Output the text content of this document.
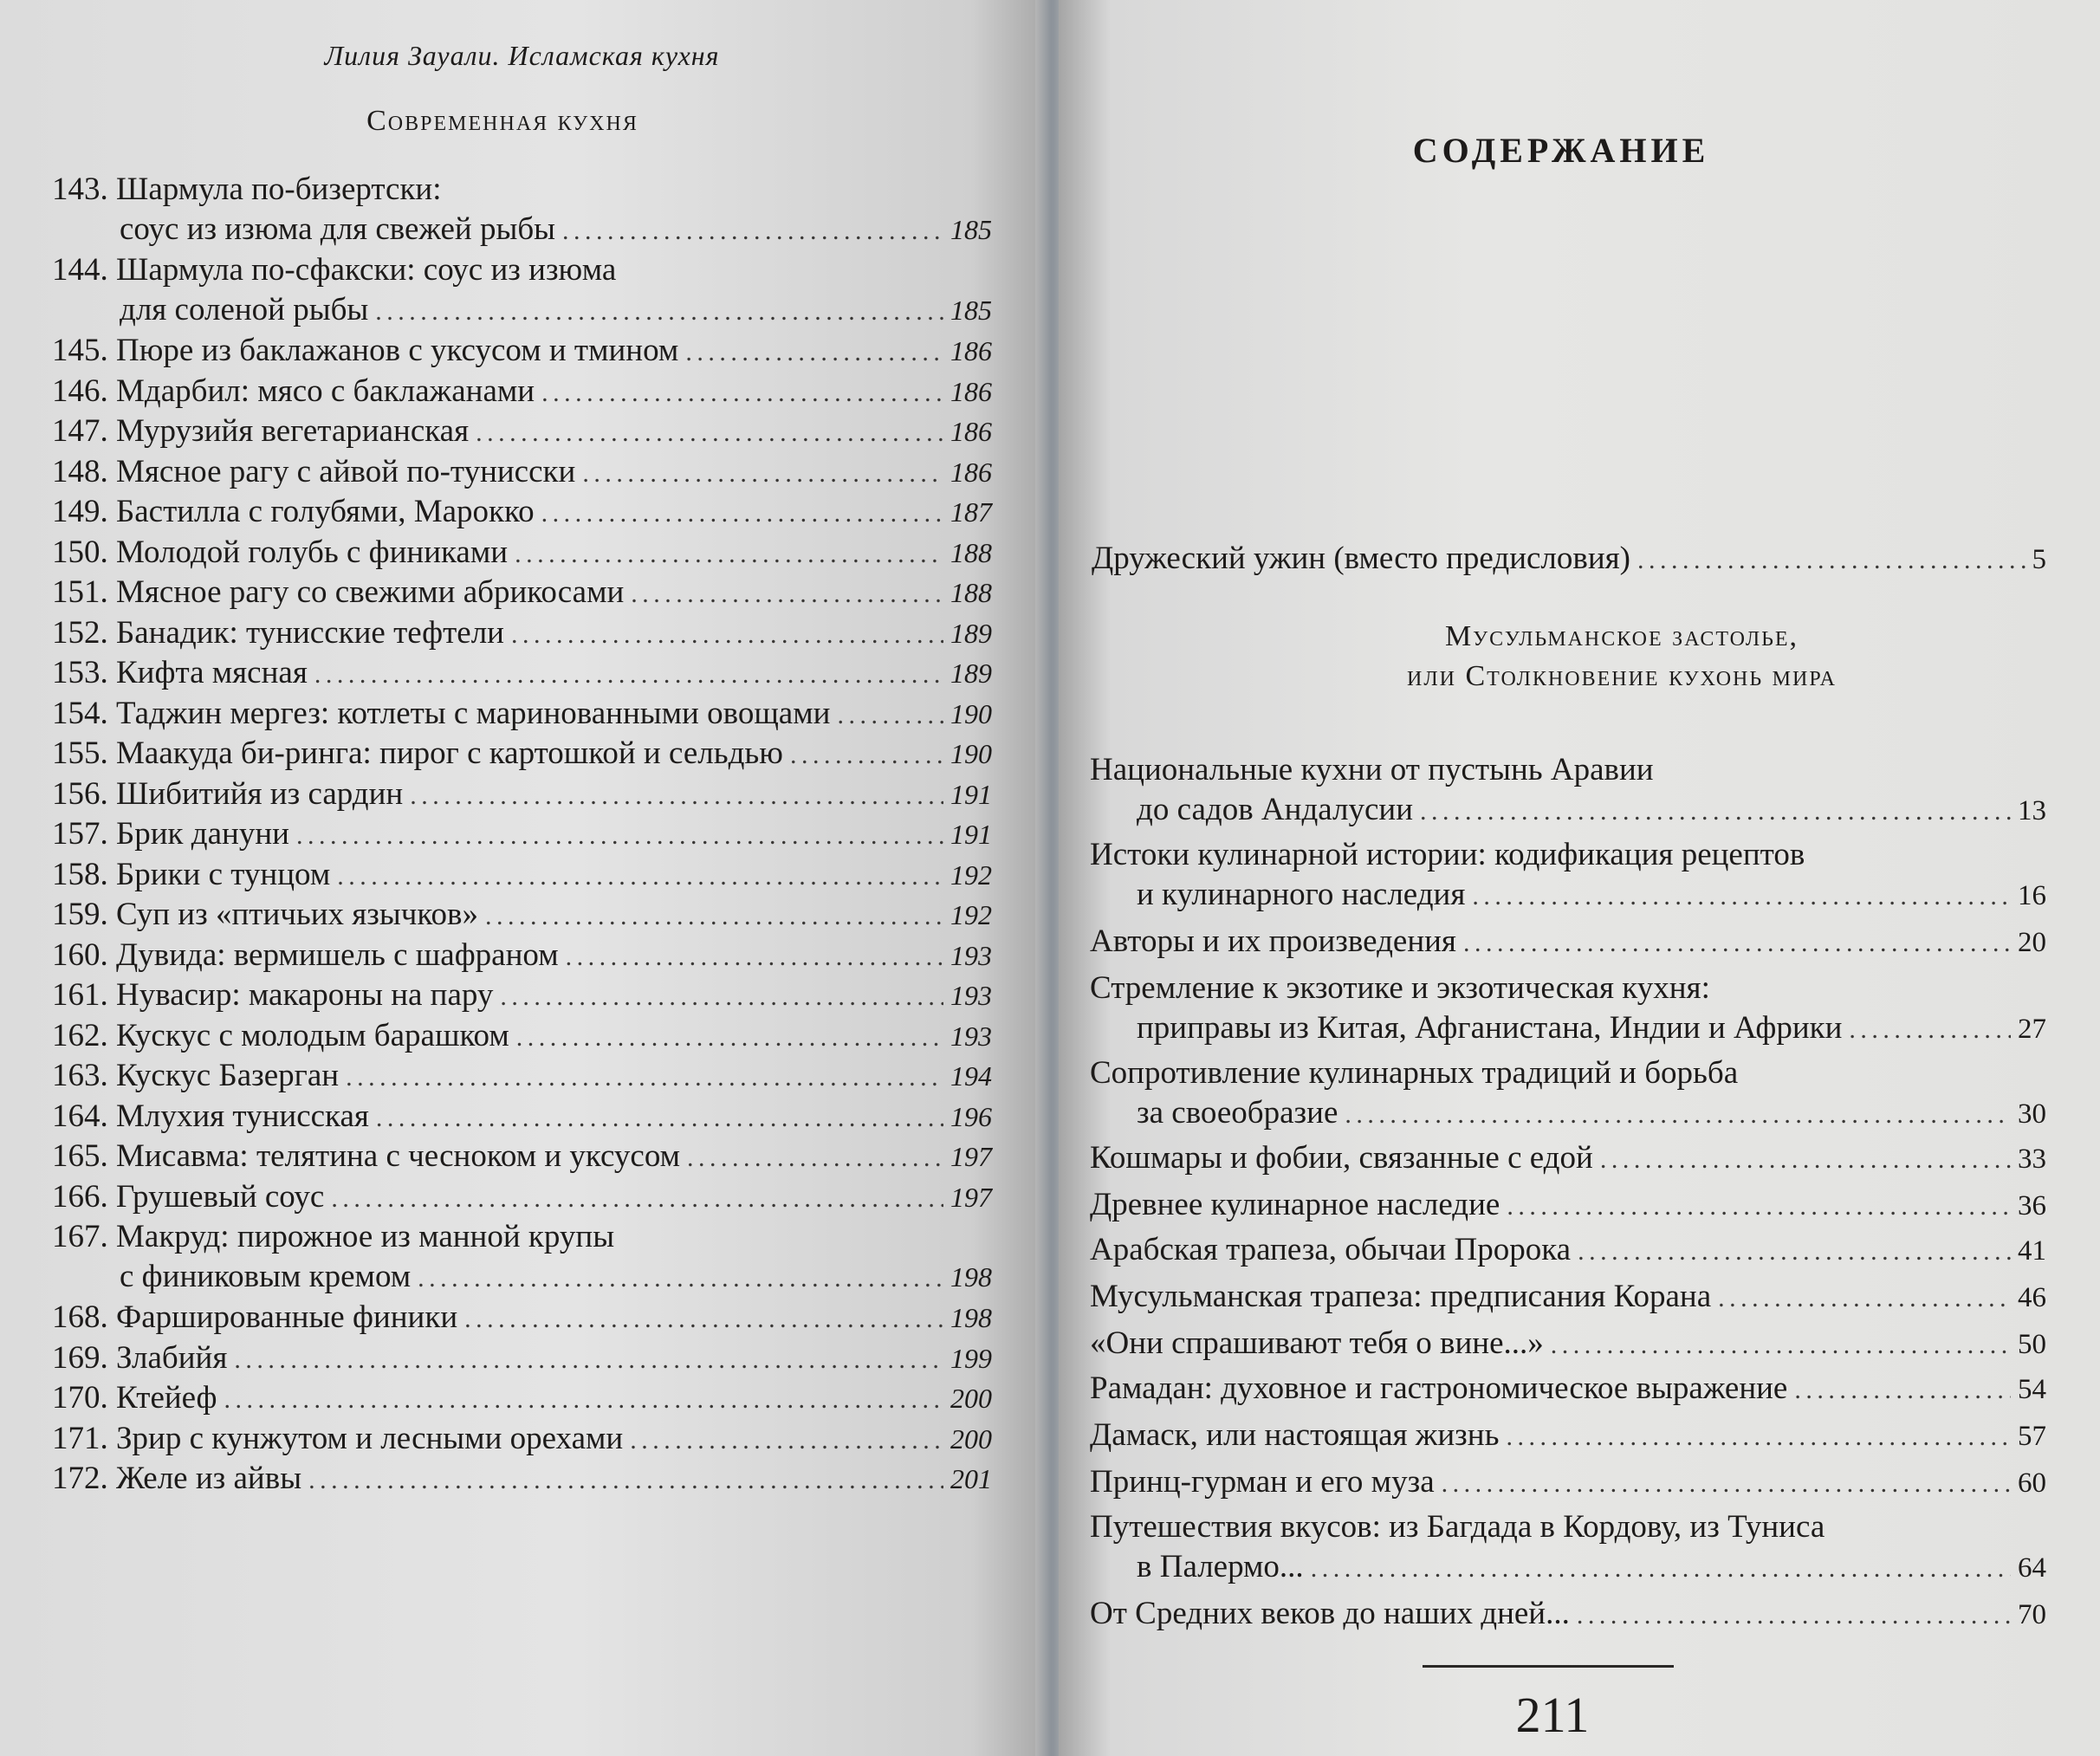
Лилия Зауали. Исламская кухня
Современная кухня
143. Шармула по-бизертски:
соус из изюма для свежей рыбы . . .	185
144. Шармула по-сфакски: соус из изюма
для соленой рыбы . . .	185
145. Пюре из баклажанов с уксусом и тмином . . .	186
146. Мдарбил: мясо с баклажанами . . .	186
147. Мурузийя вегетарианская . . .	186
148. Мясное рагу с айвой по-тунисски . . .	186
149. Бастилла с голубями, Марокко . . .	187
150. Молодой голубь с финиками . . .	188
151. Мясное рагу со свежими абрикосами . . .	188
152. Банадик: тунисские тефтели . . .	189
153. Кифта мясная . . .	189
154. Таджин мергез: котлеты с маринованными овощами . . .	190
155. Маакуда би-ринга: пирог с картошкой и сельдью . . .	190
156. Шибитийя из сардин . . .	191
157. Брик дануни . . .	191
158. Брики с тунцом . . .	192
159. Суп из «птичьих язычков» . . .	192
160. Дувида: вермишель с шафраном . . .	193
161. Нувасир: макароны на пару . . .	193
162. Кускус с молодым барашком . . .	193
163. Кускус Базерган . . .	194
164. Млухия тунисская . . .	196
165. Мисавма: телятина с чесноком и уксусом . . .	197
166. Грушевый соус . . .	197
167. Макруд: пирожное из манной крупы
с финиковым кремом . . .	198
168. Фаршированные финики . . .	198
169. Злабийя . . .	199
170. Ктейеф . . .	200
171. Зрир с кунжутом и лесными орехами . . .	200
172. Желе из айвы . . .	201
СОДЕРЖАНИЕ
Дружеский ужин (вместо предисловия) . . .	5
Мусульманское застолье,
или Столкновение кухонь мира
Национальные кухни от пустынь Аравии
до садов Андалусии . . .	13
Истоки кулинарной истории: кодификация рецептов
и кулинарного наследия . . .	16
Авторы и их произведения . . .	20
Стремление к экзотике и экзотическая кухня:
приправы из Китая, Афганистана, Индии и Африки . . .	27
Сопротивление кулинарных традиций и борьба
за своеобразие . . .	30
Кошмары и фобии, связанные с едой . . .	33
Древнее кулинарное наследие . . .	36
Арабская трапеза, обычаи Пророка . . .	41
Мусульманская трапеза: предписания Корана . . .	46
«Они спрашивают тебя о вине...» . . .	50
Рамадан: духовное и гастрономическое выражение . . .	54
Дамаск, или настоящая жизнь . . .	57
Принц-гурман и его муза . . .	60
Путешествия вкусов: из Багдада в Кордову, из Туниса
в Палермо... . . .	64
От Средних веков до наших дней... . . .	70
211
